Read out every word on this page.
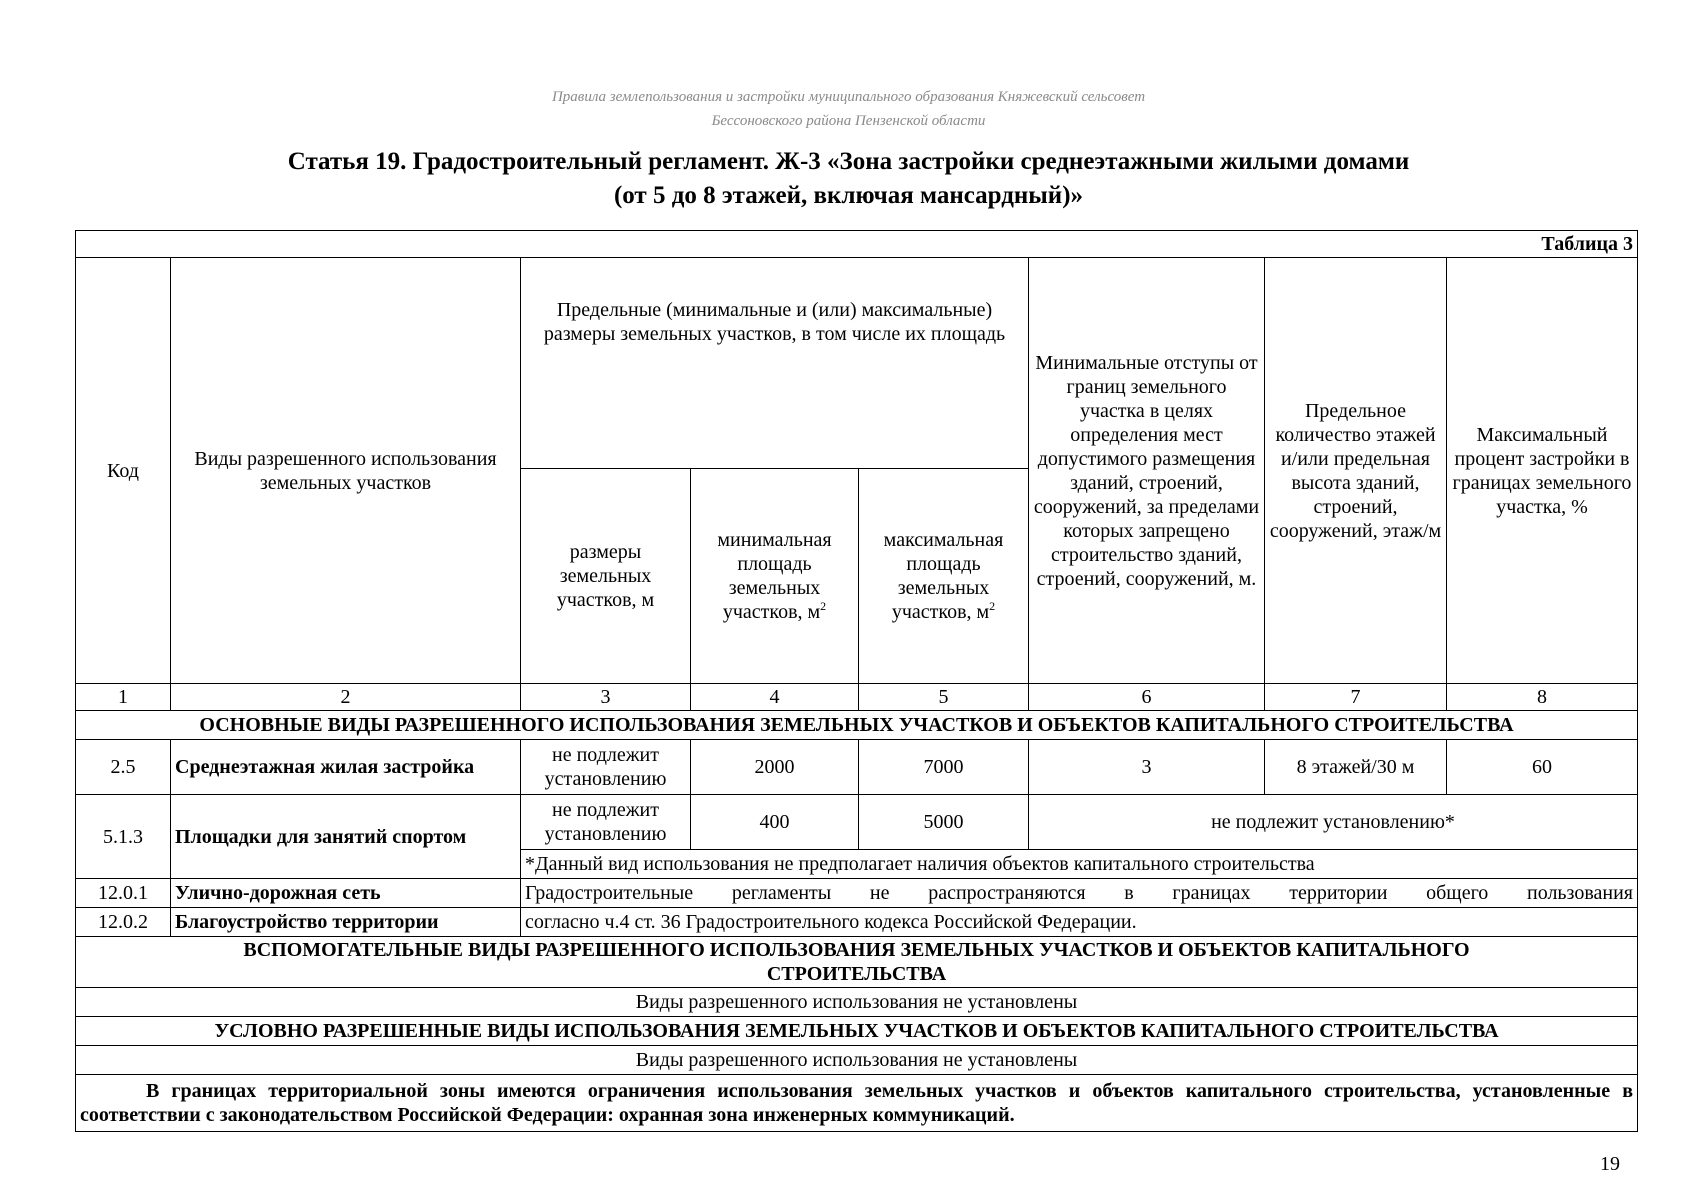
Правила землепользования и застройки муниципального образования Княжевский сельсовет
Бессоновского района Пензенской области
Статья 19. Градостроительный регламент. Ж-3 «Зона застройки среднеэтажными жилыми домами
(от 5 до 8 этажей, включая мансардный)»
Таблица 3							
Код	Виды разрешенного использования земельных участков	Предельные (минимальные и (или) максимальные) размеры земельных участков, в том числе их площадь			Минимальные отступы от границ земельного участка в целях определения мест допустимого размещения зданий, строений, сооружений, за пределами которых запрещено строительство зданий, строений, сооружений, м.	Предельное количество этажей и/или предельная высота зданий, строений, сооружений, этаж/м	Максимальный процент застройки в границах земельного участка, %
		размеры земельных участков, м	минимальная площадь земельных участков, $м^2$	максимальная площадь земельных участков, $м^2$
1	2	3	4	5	6	7	8
ОСНОВНЫЕ ВИДЫ РАЗРЕШЕННОГО ИСПОЛЬЗОВАНИЯ ЗЕМЕЛЬНЫХ УЧАСТКОВ И ОБЪЕКТОВ КАПИТАЛЬНОГО СТРОИТЕЛЬСТВА							
2.5	Среднеэтажная жилая застройка	не подлежит установлению	2000	7000	3	8 этажей/30 м	60
5.1.3	Площадки для занятий спортом	не подлежит установлению	400	5000	не подлежит установлению*		
		*Данный вид использования не предполагает наличия объектов капитального строительства					
12.0.1	Улично-дорожная сеть	Градостроительные регламенты не распространяются в границах территории общего пользования					
12.0.2	Благоустройство территории	согласно ч.4 ст. 36 Градостроительного кодекса Российской Федерации.					
ВСПОМОГАТЕЛЬНЫЕ ВИДЫ РАЗРЕШЕННОГО ИСПОЛЬЗОВАНИЯ ЗЕМЕЛЬНЫХ УЧАСТКОВ И ОБЪЕКТОВ КАПИТАЛЬНОГО СТРОИТЕЛЬСТВА							
Виды разрешенного использования не установлены							
УСЛОВНО РАЗРЕШЕННЫЕ ВИДЫ ИСПОЛЬЗОВАНИЯ ЗЕМЕЛЬНЫХ УЧАСТКОВ И ОБЪЕКТОВ КАПИТАЛЬНОГО СТРОИТЕЛЬСТВА							
Виды разрешенного использования не установлены							
В границах территориальной зоны имеются ограничения использования земельных участков и объектов капитального строительства, установленные в соответствии с законодательством Российской Федерации: охранная зона инженерных коммуникаций.							
19
